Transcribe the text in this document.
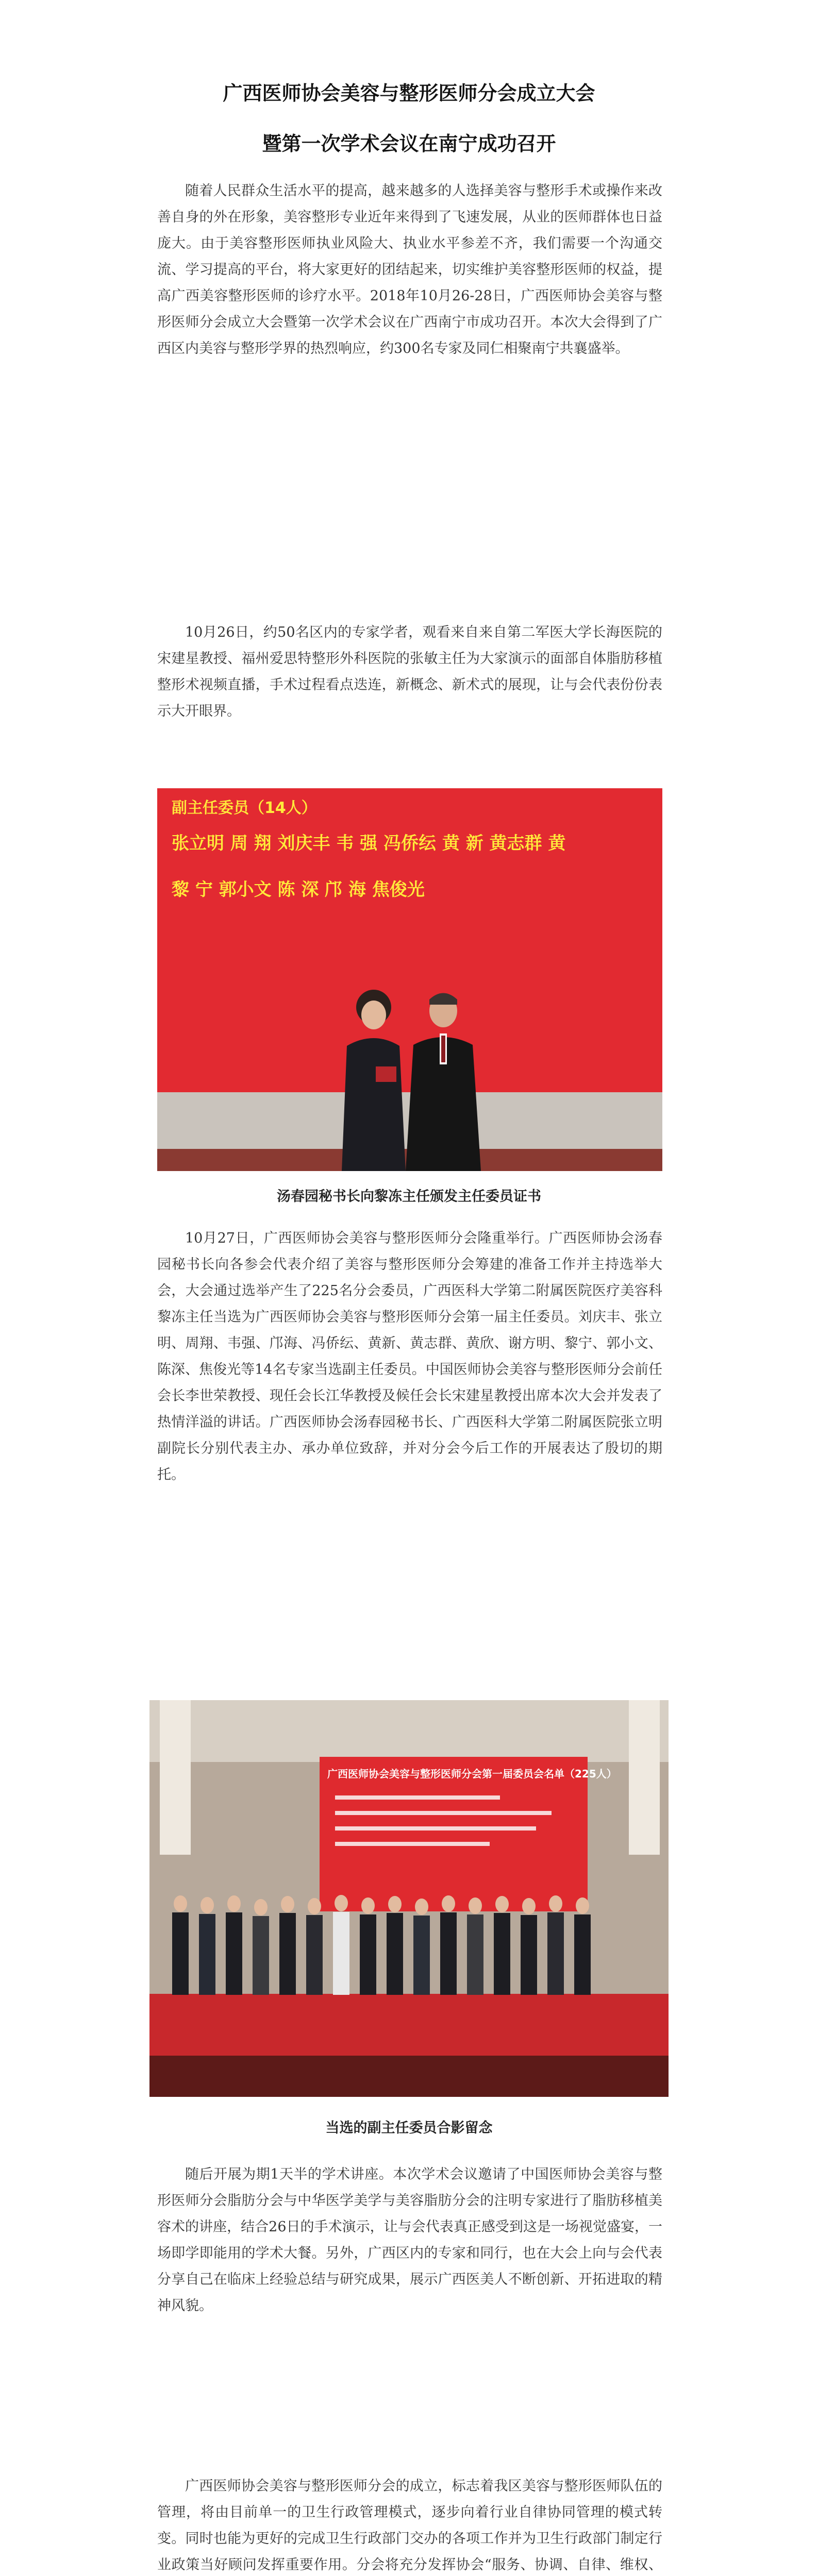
广西医师协会美容与整形医师分会成立大会
暨第一次学术会议在南宁成功召开
随着人民群众生活水平的提高，越来越多的人选择美容与整形手术或操作来改善自身的外在形象，美容整形专业近年来得到了飞速发展，从业的医师群体也日益庞大。由于美容整形医师执业风险大、执业水平参差不齐，我们需要一个沟通交流、学习提高的平台，将大家更好的团结起来，切实维护美容整形医师的权益，提高广西美容整形医师的诊疗水平。2018年10月26-28日，广西医师协会美容与整形医师分会成立大会暨第一次学术会议在广西南宁市成功召开。本次大会得到了广西区内美容与整形学界的热烈响应，约300名专家及同仁相聚南宁共襄盛举。
10月26日，约50名区内的专家学者，观看来自来自第二军医大学长海医院的宋建星教授、福州爱思特整形外科医院的张敏主任为大家演示的面部自体脂肪移植整形术视频直播，手术过程看点迭连，新概念、新术式的展现，让与会代表份份表示大开眼界。
副主任委员（14人）
张立明 周 翔 刘庆丰 韦 强 冯侨纭 黄 新 黄志群 黄
黎 宁 郭小文 陈 深 邝 海 焦俊光
汤春园秘书长向黎冻主任颁发主任委员证书
10月27日，广西医师协会美容与整形医师分会隆重举行。广西医师协会汤春园秘书长向各参会代表介绍了美容与整形医师分会筹建的准备工作并主持选举大会，大会通过选举产生了225名分会委员，广西医科大学第二附属医院医疗美容科黎冻主任当选为广西医师协会美容与整形医师分会第一届主任委员。刘庆丰、张立明、周翔、韦强、邝海、冯侨纭、黄新、黄志群、黄欣、谢方明、黎宁、郭小文、陈深、焦俊光等14名专家当选副主任委员。中国医师协会美容与整形医师分会前任会长李世荣教授、现任会长江华教授及候任会长宋建星教授出席本次大会并发表了热情洋溢的讲话。广西医师协会汤春园秘书长、广西医科大学第二附属医院张立明副院长分别代表主办、承办单位致辞，并对分会今后工作的开展表达了殷切的期托。
广西医师协会美容与整形医师分会第一届委员会名单（225人）
当选的副主任委员合影留念
随后开展为期1天半的学术讲座。本次学术会议邀请了中国医师协会美容与整形医师分会脂肪分会与中华医学美学与美容脂肪分会的注明专家进行了脂肪移植美容术的讲座，结合26日的手术演示，让与会代表真正感受到这是一场视觉盛宴，一场即学即能用的学术大餐。另外，广西区内的专家和同行，也在大会上向与会代表分享自己在临床上经验总结与研究成果，展示广西医美人不断创新、开拓进取的精神风貌。
广西医师协会美容与整形医师分会的成立，标志着我区美容与整形医师队伍的管理，将由目前单一的卫生行政管理模式，逐步向着行业自律协同管理的模式转变。同时也能为更好的完成卫生行政部门交办的各项工作并为卫生行政部门制定行业政策当好顾问发挥重要作用。分会将充分发挥协会“服务、协调、自律、维权、
